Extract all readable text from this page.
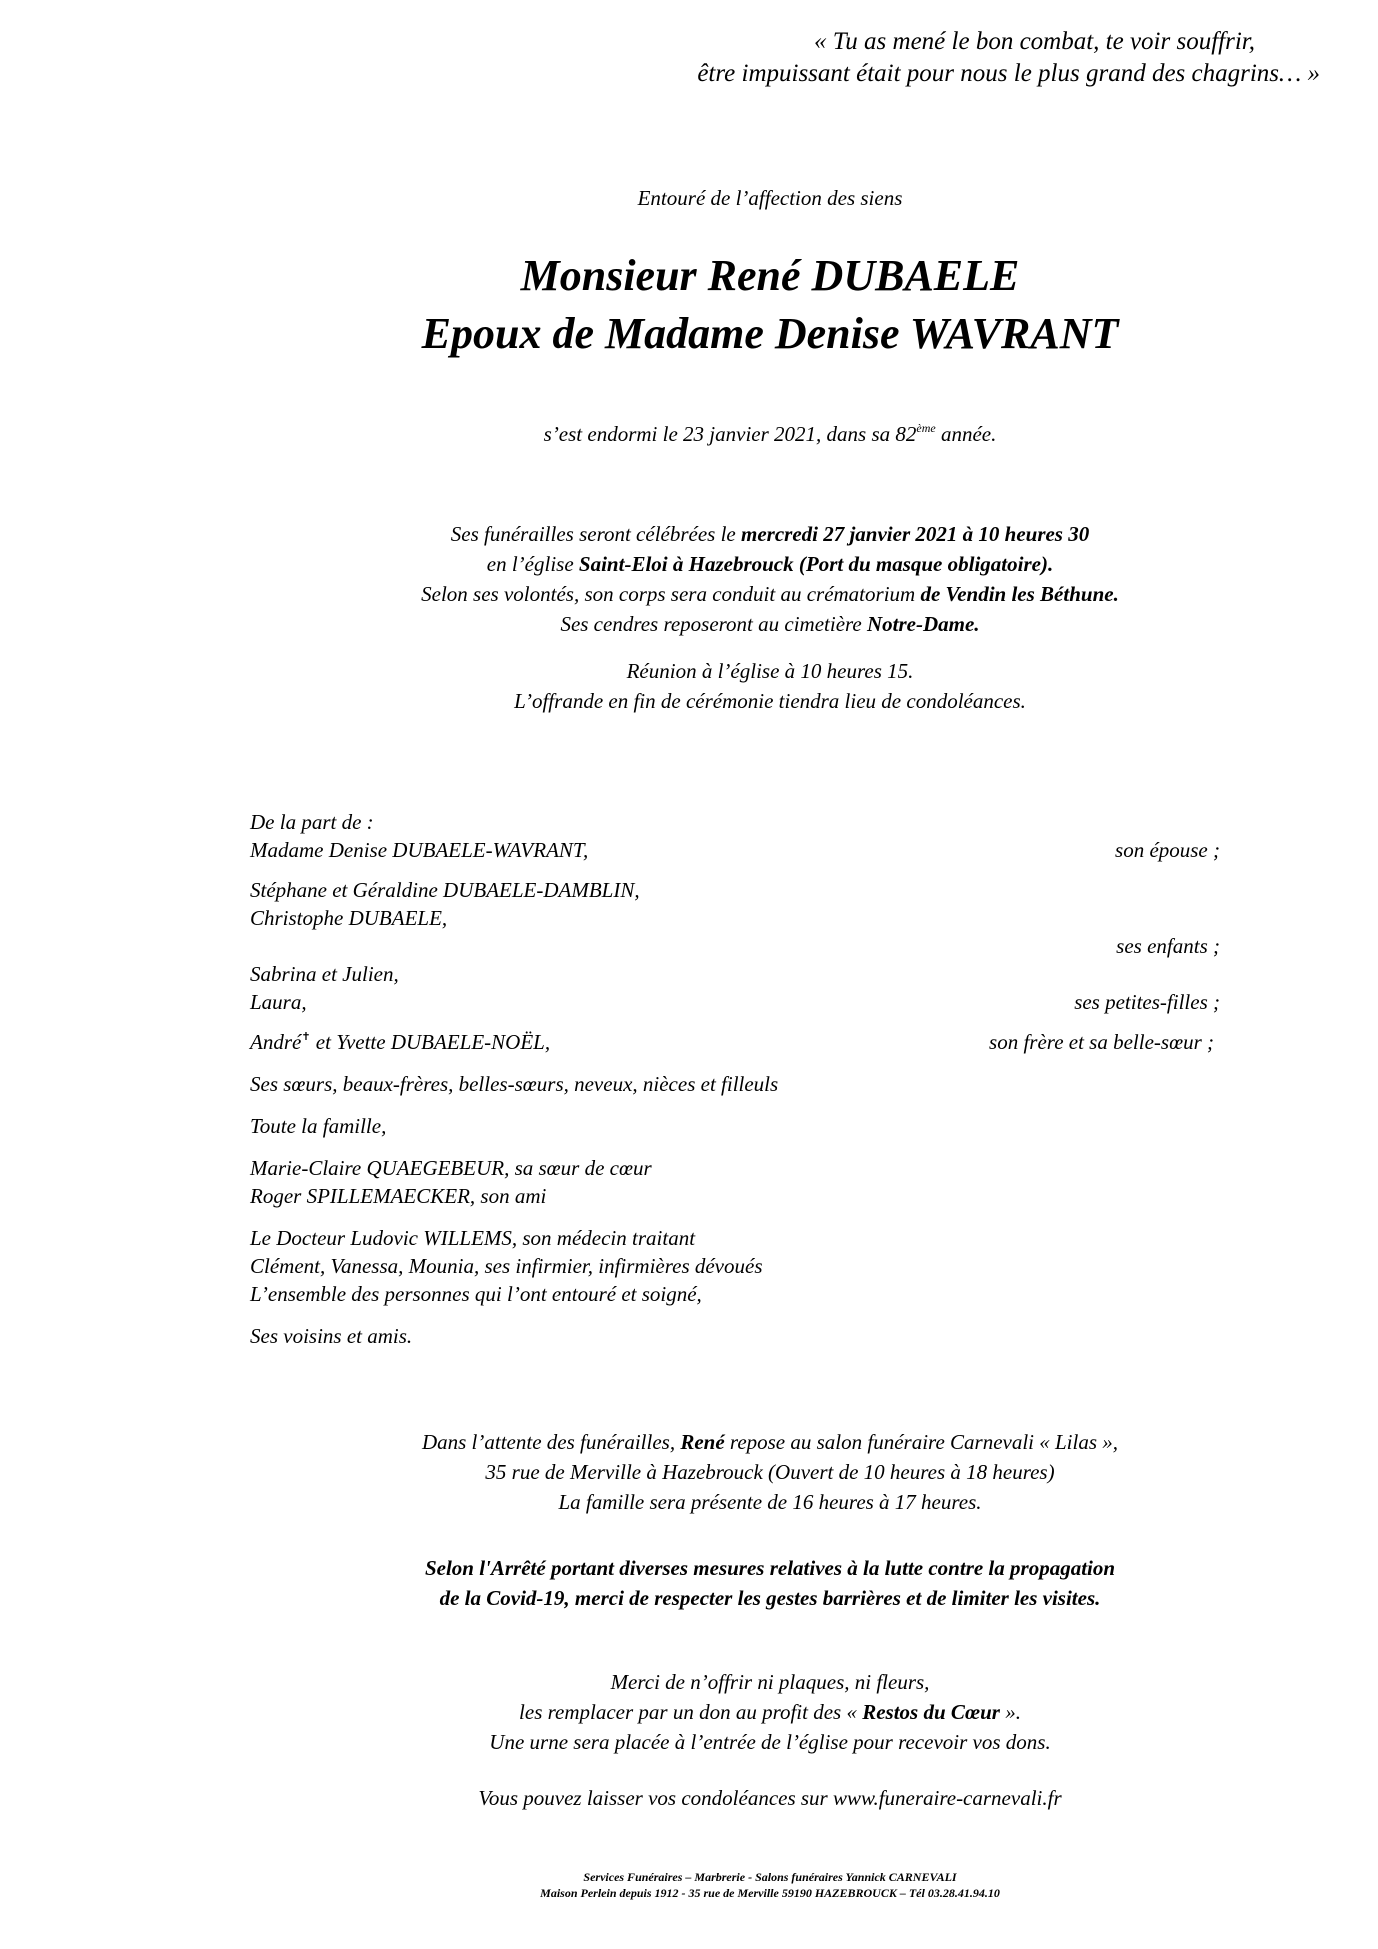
« Tu as mené le bon combat, te voir souffrir,
être impuissant était pour nous le plus grand des chagrins… »
Entouré de l’affection des siens
Monsieur René DUBAELE
Epoux de Madame Denise WAVRANT
s’est endormi le 23 janvier 2021, dans sa 82ème année.
Ses funérailles seront célébrées le mercredi 27 janvier 2021 à 10 heures 30
en l’église Saint-Eloi à Hazebrouck (Port du masque obligatoire).
Selon ses volontés, son corps sera conduit au crématorium de Vendin les Béthune.
Ses cendres reposeront au cimetière Notre-Dame.
Réunion à l’église à 10 heures 15.
L’offrande en fin de cérémonie tiendra lieu de condoléances.
De la part de :
Madame Denise DUBAELE-WAVRANT,	son épouse ;
Stéphane et Géraldine DUBAELE-DAMBLIN,
Christophe DUBAELE,
ses enfants ;
Sabrina et Julien,
Laura,	ses petites-filles ;
André✝ et Yvette DUBAELE-NOËL,	son frère et sa belle-sœur ;
Ses sœurs, beaux-frères, belles-sœurs, neveux, nièces et filleuls
Toute la famille,
Marie-Claire QUAEGEBEUR, sa sœur de cœur
Roger SPILLEMAECKER, son ami
Le Docteur Ludovic WILLEMS, son médecin traitant
Clément, Vanessa, Mounia, ses infirmier, infirmières dévoués
L’ensemble des personnes qui l’ont entouré et soigné,
Ses voisins et amis.
Dans l’attente des funérailles, René repose au salon funéraire Carnevali « Lilas »,
35 rue de Merville à Hazebrouck (Ouvert de 10 heures à 18 heures)
La famille sera présente de 16 heures à 17 heures.
Selon l'Arrêté portant diverses mesures relatives à la lutte contre la propagation
de la Covid-19, merci de respecter les gestes barrières et de limiter les visites.
Merci de n’offrir ni plaques, ni fleurs,
les remplacer par un don au profit des « Restos du Cœur ».
Une urne sera placée à l’entrée de l’église pour recevoir vos dons.
Vous pouvez laisser vos condoléances sur www.funeraire-carnevali.fr
Services Funéraires – Marbrerie - Salons funéraires Yannick CARNEVALI
Maison Perlein depuis 1912 - 35 rue de Merville 59190 HAZEBROUCK – Tél 03.28.41.94.10
